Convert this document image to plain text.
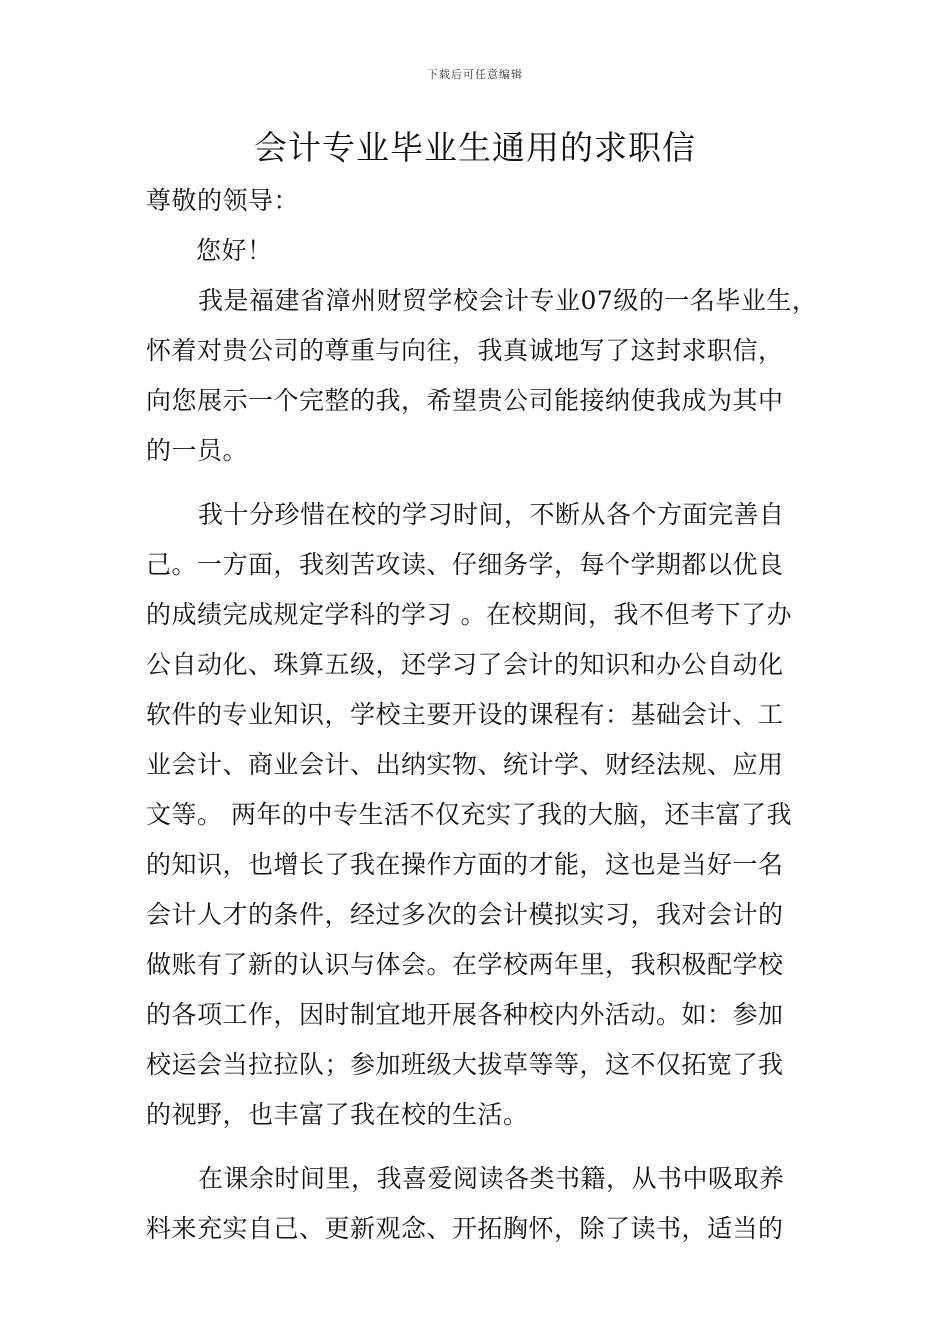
下载后可任意编辑
会计专业毕业生通用的求职信
尊敬的领导：
您好！
我是福建省漳州财贸学校会计专业07级的一名毕业生，
怀着对贵公司的尊重与向往，我真诚地写了这封求职信，
向您展示一个完整的我，希望贵公司能接纳使我成为其中
的一员。
我十分珍惜在校的学习时间，不断从各个方面完善自
己。一方面，我刻苦攻读、仔细务学，每个学期都以优良
的成绩完成规定学科的学习 。在校期间，我不但考下了办
公自动化、珠算五级，还学习了会计的知识和办公自动化
软件的专业知识，学校主要开设的课程有：基础会计、工
业会计、商业会计、出纳实物、统计学、财经法规、应用
文等。 两年的中专生活不仅充实了我的大脑，还丰富了我
的知识，也增长了我在操作方面的才能，这也是当好一名
会计人才的条件，经过多次的会计模拟实习，我对会计的
做账有了新的认识与体会。在学校两年里，我积极配学校
的各项工作，因时制宜地开展各种校内外活动。如：参加
校运会当拉拉队；参加班级大拔草等等，这不仅拓宽了我
的视野，也丰富了我在校的生活。
在课余时间里，我喜爱阅读各类书籍，从书中吸取养
料来充实自己、更新观念、开拓胸怀，除了读书，适当的
